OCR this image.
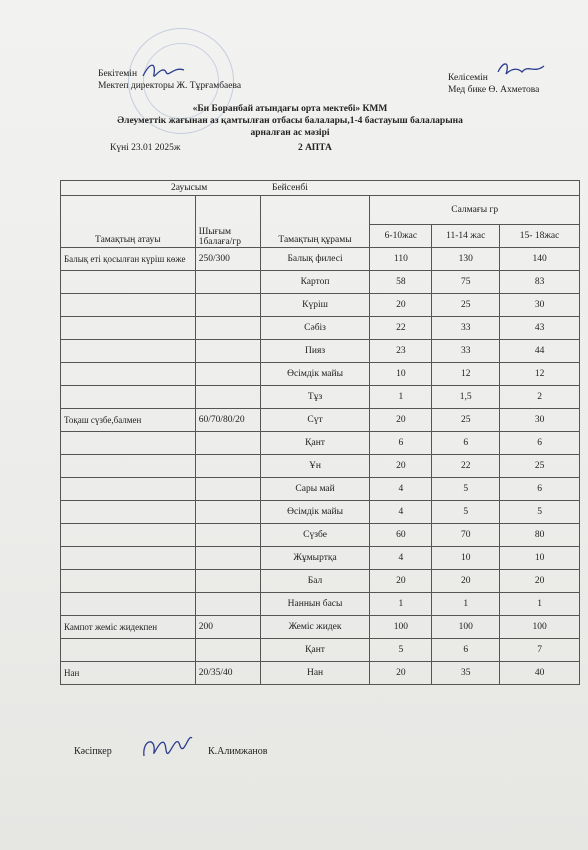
Бекітемін
Мектеп директоры Ж. Тұрғамбаева
Келісемін
Мед бике Ө. Ахметова
«Би Боранбай атындағы орта мектебі» КММ
Әлеуметтік жағынан аз қамтылған отбасы балалары,1-4 бастауыш балаларына
арналған ас мәзірі
Күні 23.01 2025ж	2 АПТА
2ауысым Бейсенбі					
Тамақтың атауы	Шығым 1балаға/гр	Тамақтың құрамы	Салмағы гр		
			6-10жас	11-14 жас	15- 18жас
Балық еті қосылған күріш көже	250/300	Балық филесі	110	130	140
		Картоп	58	75	83
		Күріш	20	25	30
		Сәбіз	22	33	43
		Пияз	23	33	44
		Өсімдік майы	10	12	12
		Тұз	1	1,5	2
Тоқаш сүзбе,балмен	60/70/80/20	Сүт	20	25	30
		Қант	6	6	6
		Ұн	20	22	25
		Сары май	4	5	6
		Өсімдік майы	4	5	5
		Сүзбе	60	70	80
		Жұмыртқа	4	10	10
		Бал	20	20	20
		Наннын басы	1	1	1
Кампот жеміс жидекпен	200	Жеміс жидек	100	100	100
		Қант	5	6	7
Нан	20/35/40	Нан	20	35	40
Кәсіпкер	К.Алимжанов
